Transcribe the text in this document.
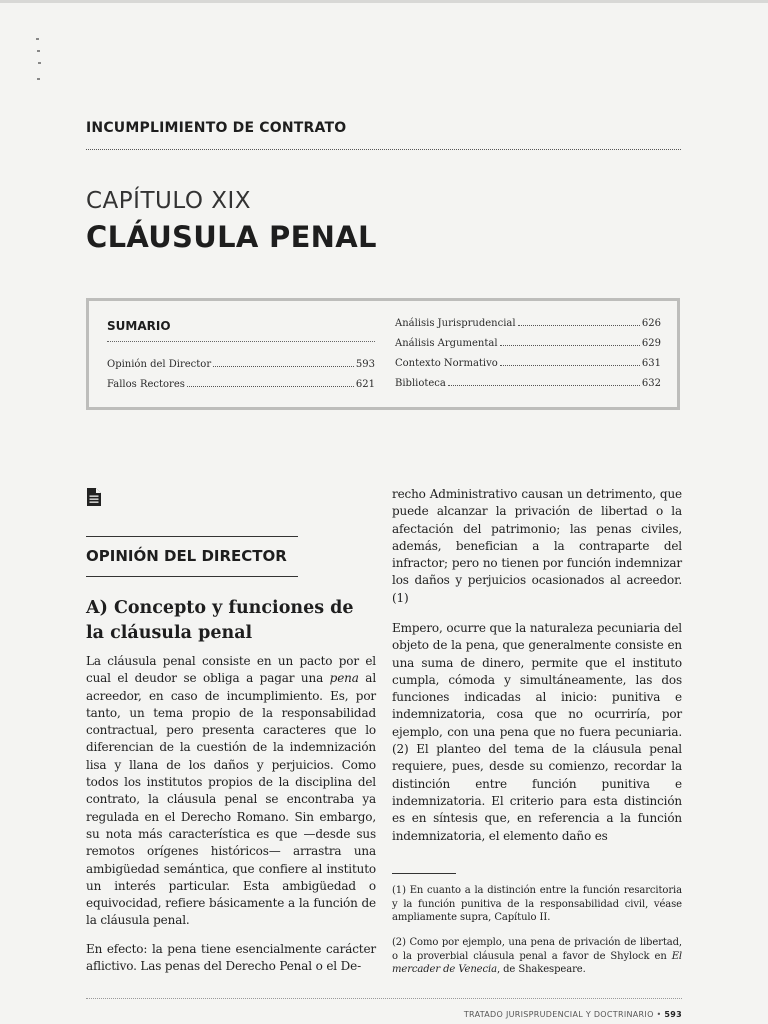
INCUMPLIMIENTO DE CONTRATO
CAPÍTULO XIX
CLÁUSULA PENAL
SUMARIO
Opinión del Director	593
Fallos Rectores	621
Análisis Jurisprudencial	626
Análisis Argumental	629
Contexto Normativo	631
Biblioteca	632
OPINIÓN DEL DIRECTOR
A) Concepto y funciones de la cláusula penal
La cláusula penal consiste en un pacto por el cual el deudor se obliga a pagar una pena al acreedor, en caso de incumplimiento. Es, por tanto, un tema propio de la responsabilidad contractual, pero presenta caracteres que lo diferencian de la cuestión de la indemnización lisa y llana de los daños y perjuicios. Como todos los institutos propios de la disciplina del contrato, la cláusula penal se encontraba ya regulada en el Derecho Romano. Sin embargo, su nota más característica es que —desde sus remotos orígenes históricos— arrastra una ambigüedad semántica, que confiere al instituto un interés particular. Esta ambigüedad o equivocidad, refiere básicamente a la función de la cláusula penal.
En efecto: la pena tiene esencialmente carácter aflictivo. Las penas del Derecho Penal o el De-
recho Administrativo causan un detrimento, que puede alcanzar la privación de libertad o la afectación del patrimonio; las penas civiles, además, benefician a la contraparte del infractor; pero no tienen por función indemnizar los daños y perjuicios ocasionados al acreedor. (1)
Empero, ocurre que la naturaleza pecuniaria del objeto de la pena, que generalmente consiste en una suma de dinero, permite que el instituto cumpla, cómoda y simultáneamente, las dos funciones indicadas al inicio: punitiva e indemnizatoria, cosa que no ocurriría, por ejemplo, con una pena que no fuera pecuniaria. (2) El planteo del tema de la cláusula penal requiere, pues, desde su comienzo, recordar la distinción entre función punitiva e indemnizatoria. El criterio para esta distinción es en síntesis que, en referencia a la función indemnizatoria, el elemento daño es
(1) En cuanto a la distinción entre la función resarcitoria y la función punitiva de la responsabilidad civil, véase ampliamente supra, Capítulo II.
(2) Como por ejemplo, una pena de privación de libertad, o la proverbial cláusula penal a favor de Shylock en El mercader de Venecia, de Shakespeare.
TRATADO JURISPRUDENCIAL Y DOCTRINARIO • 593
